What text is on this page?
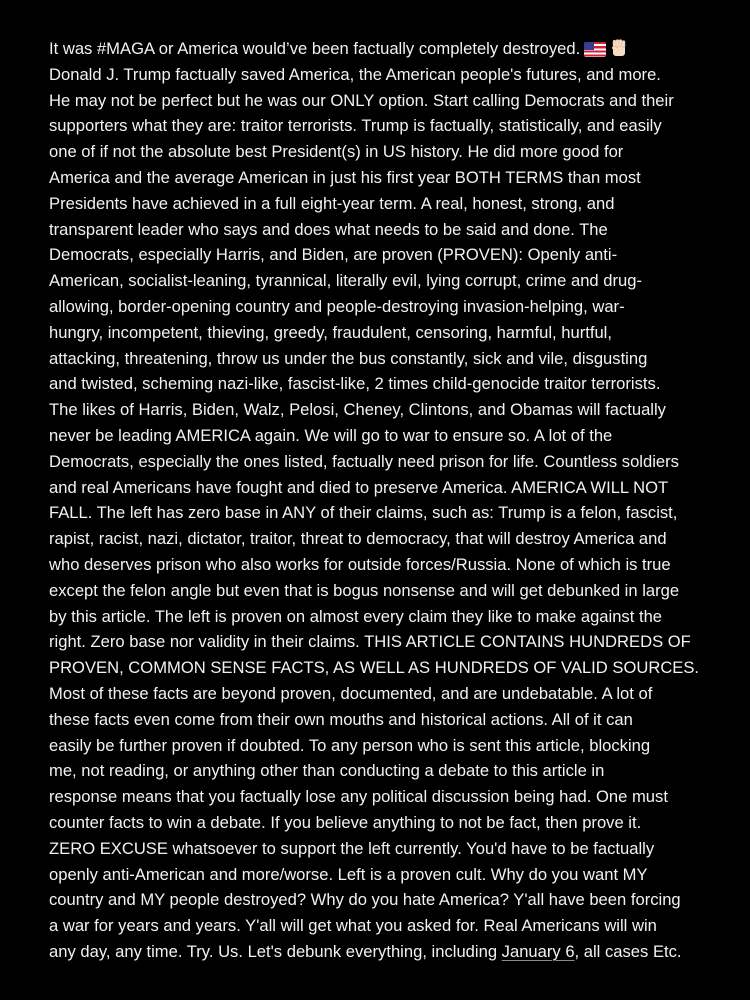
It was #MAGA or America would’ve been factually completely destroyed.
Donald J. Trump factually saved America, the American people's futures, and more.
He may not be perfect but he was our ONLY option. Start calling Democrats and their
supporters what they are: traitor terrorists. Trump is factually, statistically, and easily
one of if not the absolute best President(s) in US history. He did more good for
America and the average American in just his first year BOTH TERMS than most
Presidents have achieved in a full eight-year term. A real, honest, strong, and
transparent leader who says and does what needs to be said and done. The
Democrats, especially Harris, and Biden, are proven (PROVEN): Openly anti-
American, socialist-leaning, tyrannical, literally evil, lying corrupt, crime and drug-
allowing, border-opening country and people-destroying invasion-helping, war-
hungry, incompetent, thieving, greedy, fraudulent, censoring, harmful, hurtful,
attacking, threatening, throw us under the bus constantly, sick and vile, disgusting
and twisted, scheming nazi-like, fascist-like, 2 times child-genocide traitor terrorists.
The likes of Harris, Biden, Walz, Pelosi, Cheney, Clintons, and Obamas will factually
never be leading AMERICA again. We will go to war to ensure so. A lot of the
Democrats, especially the ones listed, factually need prison for life. Countless soldiers
and real Americans have fought and died to preserve America. AMERICA WILL NOT
FALL. The left has zero base in ANY of their claims, such as: Trump is a felon, fascist,
rapist, racist, nazi, dictator, traitor, threat to democracy, that will destroy America and
who deserves prison who also works for outside forces/Russia. None of which is true
except the felon angle but even that is bogus nonsense and will get debunked in large
by this article. The left is proven on almost every claim they like to make against the
right. Zero base nor validity in their claims. THIS ARTICLE CONTAINS HUNDREDS OF
PROVEN, COMMON SENSE FACTS, AS WELL AS HUNDREDS OF VALID SOURCES.
Most of these facts are beyond proven, documented, and are undebatable. A lot of
these facts even come from their own mouths and historical actions. All of it can
easily be further proven if doubted. To any person who is sent this article, blocking
me, not reading, or anything other than conducting a debate to this article in
response means that you factually lose any political discussion being had. One must
counter facts to win a debate. If you believe anything to not be fact, then prove it.
ZERO EXCUSE whatsoever to support the left currently. You'd have to be factually
openly anti-American and more/worse. Left is a proven cult. Why do you want MY
country and MY people destroyed? Why do you hate America? Y'all have been forcing
a war for years and years. Y'all will get what you asked for. Real Americans will win
any day, any time. Try. Us. Let's debunk everything, including January 6, all cases Etc.
